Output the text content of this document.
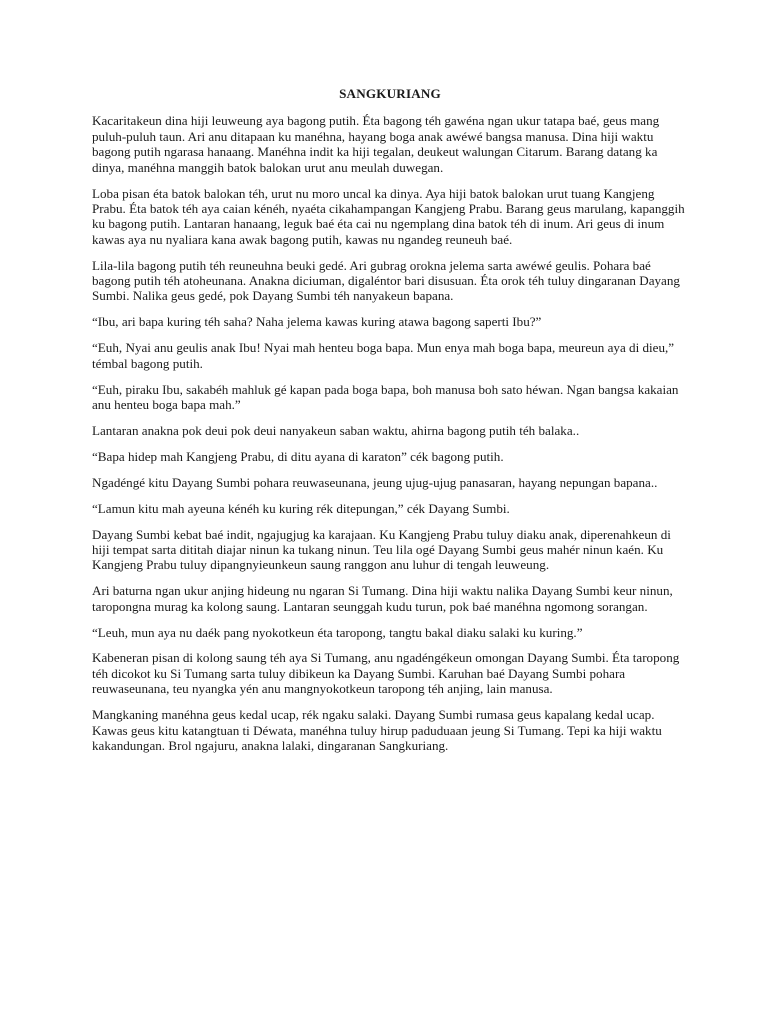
SANGKURIANG

Kacaritakeun dina hiji leuweung aya bagong putih. Éta bagong téh gawéna ngan ukur tatapa baé, geus mang puluh-puluh taun. Ari anu ditapaan ku manéhna, hayang boga anak awéwé bangsa manusa. Dina hiji waktu bagong putih ngarasa hanaang. Manéhna indit ka hiji tegalan, deukeut walungan Citarum. Barang datang ka dinya, manéhna manggih batok balokan urut anu meulah duwegan.

Loba pisan éta batok balokan téh, urut nu moro uncal ka dinya. Aya hiji batok balokan urut tuang Kangjeng Prabu. Éta batok téh aya caian kénéh, nyaéta cikahampangan Kangjeng Prabu. Barang geus marulang, kapanggih ku bagong putih. Lantaran hanaang, leguk baé éta cai nu ngemplang dina batok téh di inum. Ari geus di inum kawas aya nu nyaliara kana awak bagong putih, kawas nu ngandeg reuneuh baé.

Lila-lila bagong putih téh reuneuhna beuki gedé. Ari gubrag orokna jelema sarta awéwé geulis. Pohara baé bagong putih téh atoheunana. Anakna diciuman, digaléntor bari disusuan. Éta orok téh tuluy dingaranan Dayang Sumbi. Nalika geus gedé, pok Dayang Sumbi téh nanyakeun bapana.

“Ibu, ari bapa kuring téh saha? Naha jelema kawas kuring atawa bagong saperti Ibu?”

“Euh, Nyai anu geulis anak Ibu! Nyai mah henteu boga bapa. Mun enya mah boga bapa, meureun aya di dieu,” témbal bagong putih.

“Euh, piraku Ibu, sakabéh mahluk gé kapan pada boga bapa, boh manusa boh sato héwan. Ngan bangsa kakaian anu henteu boga bapa mah.”

Lantaran anakna pok deui pok deui nanyakeun saban waktu, ahirna bagong putih téh balaka..

“Bapa hidep mah Kangjeng Prabu, di ditu ayana di karaton” cék bagong putih.

Ngadéngé kitu Dayang Sumbi pohara reuwaseunana, jeung ujug-ujug panasaran, hayang nepungan bapana..

“Lamun kitu mah ayeuna kénéh ku kuring rék ditepungan,” cék Dayang Sumbi.

Dayang Sumbi kebat baé indit, ngajugjug ka karajaan. Ku Kangjeng Prabu tuluy diaku anak, diperenahkeun di hiji tempat sarta dititah diajar ninun ka tukang ninun. Teu lila ogé Dayang Sumbi geus mahér ninun kaén. Ku Kangjeng Prabu tuluy dipangnyieunkeun saung ranggon anu luhur di tengah leuweung.

Ari baturna ngan ukur anjing hideung nu ngaran Si Tumang. Dina hiji waktu nalika Dayang Sumbi keur ninun, taropongna murag ka kolong saung. Lantaran seunggah kudu turun, pok baé manéhna ngomong sorangan.

“Leuh, mun aya nu daék pang nyokotkeun éta taropong, tangtu bakal diaku salaki ku kuring.”

Kabeneran pisan di kolong saung téh aya Si Tumang, anu ngadéngékeun omongan Dayang Sumbi. Éta taropong téh dicokot ku Si Tumang sarta tuluy dibikeun ka Dayang Sumbi. Karuhan baé Dayang Sumbi pohara reuwaseunana, teu nyangka yén anu mangnyokotkeun taropong téh anjing, lain manusa.

Mangkaning manéhna geus kedal ucap, rék ngaku salaki. Dayang Sumbi rumasa geus kapalang kedal ucap. Kawas geus kitu katangtuan ti Déwata, manéhna tuluy hirup paduduaan jeung Si Tumang. Tepi ka hiji waktu kakandungan. Brol ngajuru, anakna lalaki, dingaranan Sangkuriang.
